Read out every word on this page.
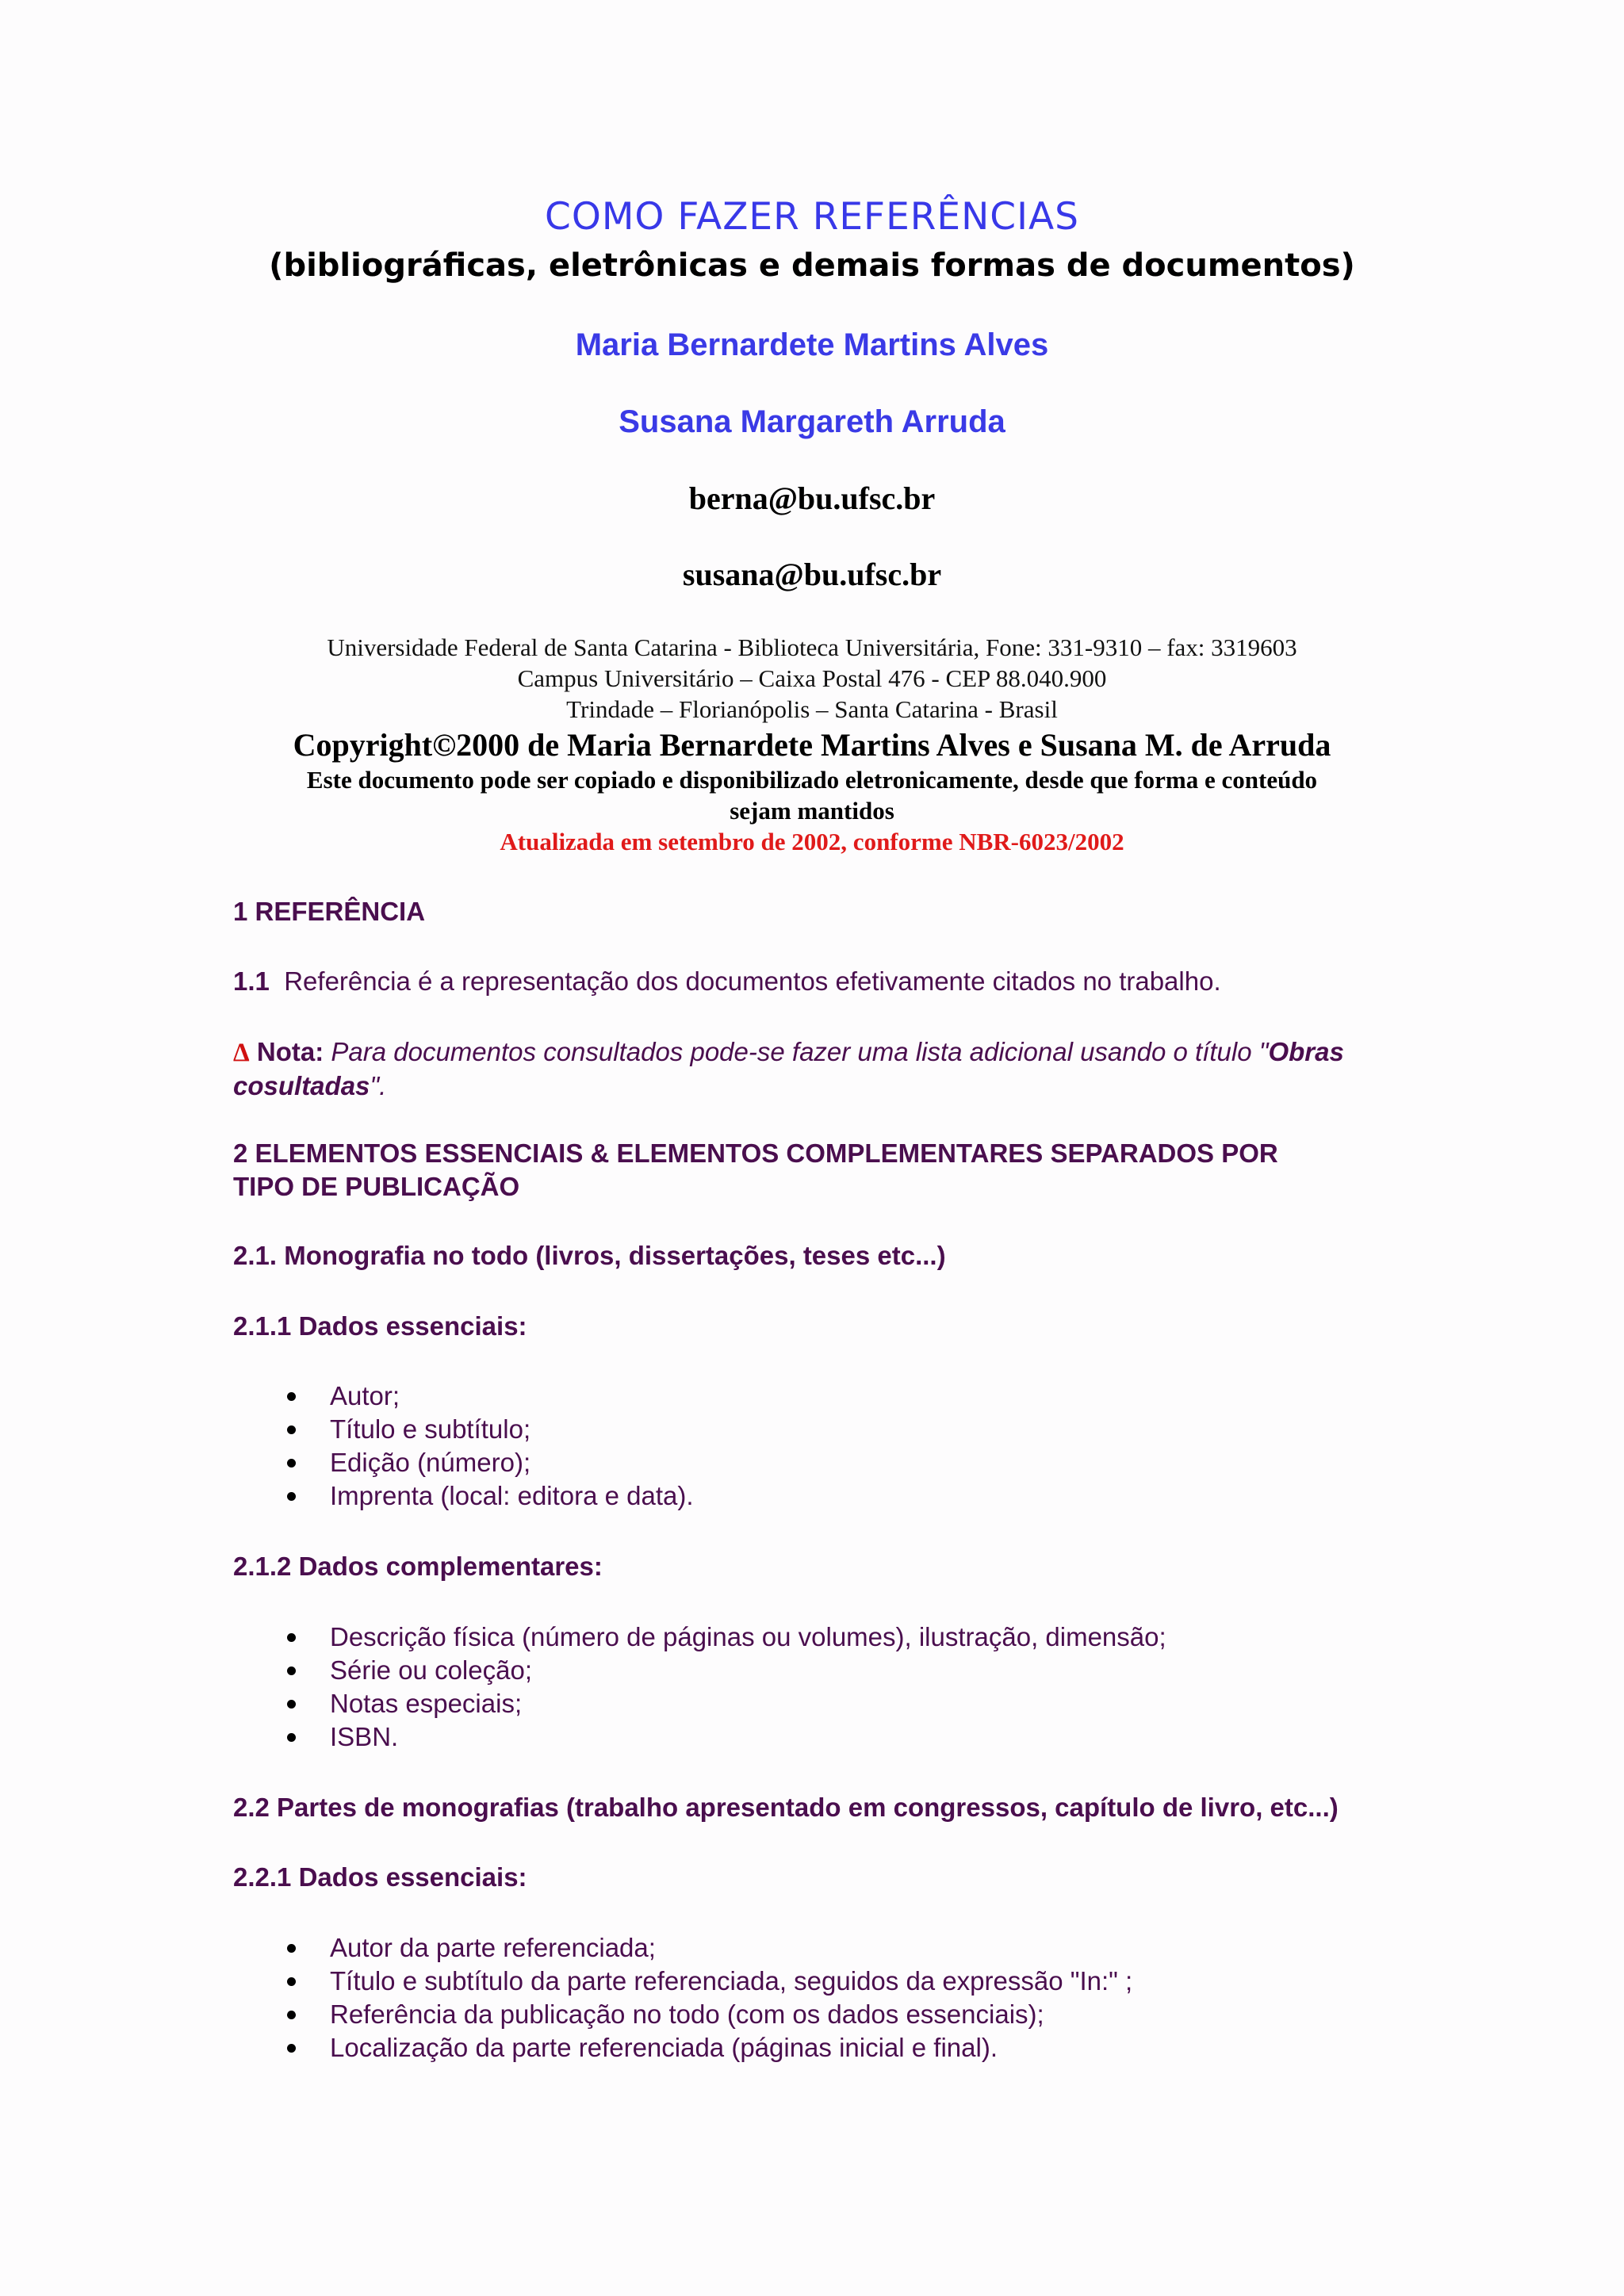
COMO FAZER REFERÊNCIAS
(bibliográficas, eletrônicas e demais formas de documentos)
Maria Bernardete Martins Alves
Susana Margareth Arruda
berna@bu.ufsc.br
susana@bu.ufsc.br
Universidade Federal de Santa Catarina - Biblioteca Universitária, Fone: 331-9310 – fax: 3319603
Campus Universitário – Caixa Postal 476 - CEP 88.040.900
Trindade – Florianópolis – Santa Catarina - Brasil
Copyright©2000 de Maria Bernardete Martins Alves e Susana M. de Arruda
Este documento pode ser copiado e disponibilizado eletronicamente, desde que forma e conteúdo
sejam mantidos
Atualizada em setembro de 2002, conforme NBR-6023/2002
1 REFERÊNCIA
1.1 Referência é a representação dos documentos efetivamente citados no trabalho.
Δ Nota: Para documentos consultados pode-se fazer uma lista adicional usando o título "Obras cosultadas".
2 ELEMENTOS ESSENCIAIS & ELEMENTOS COMPLEMENTARES SEPARADOS POR
TIPO DE PUBLICAÇÃO
2.1. Monografia no todo (livros, dissertações, teses etc...)
2.1.1 Dados essenciais:
Autor;
Título e subtítulo;
Edição (número);
Imprenta (local: editora e data).
2.1.2 Dados complementares:
Descrição física (número de páginas ou volumes), ilustração, dimensão;
Série ou coleção;
Notas especiais;
ISBN.
2.2 Partes de monografias (trabalho apresentado em congressos, capítulo de livro, etc...)
2.2.1 Dados essenciais:
Autor da parte referenciada;
Título e subtítulo da parte referenciada, seguidos da expressão "In:" ;
Referência da publicação no todo (com os dados essenciais);
Localização da parte referenciada (páginas inicial e final).
